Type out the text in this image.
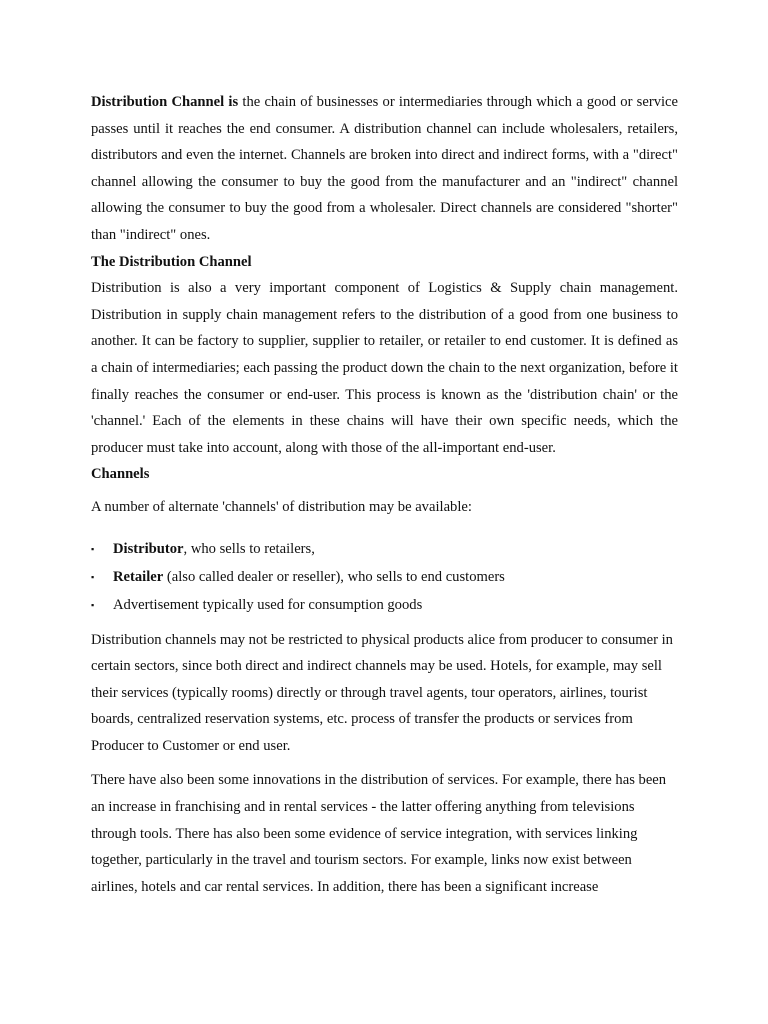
Distribution Channel is the chain of businesses or intermediaries through which a good or service passes until it reaches the end consumer. A distribution channel can include wholesalers, retailers, distributors and even the internet. Channels are broken into direct and indirect forms, with a "direct" channel allowing the consumer to buy the good from the manufacturer and an "indirect" channel allowing the consumer to buy the good from a wholesaler. Direct channels are considered "shorter" than "indirect" ones.

The Distribution Channel

Distribution is also a very important component of Logistics & Supply chain management. Distribution in supply chain management refers to the distribution of a good from one business to another. It can be factory to supplier, supplier to retailer, or retailer to end customer. It is defined as a chain of intermediaries; each passing the product down the chain to the next organization, before it finally reaches the consumer or end-user. This process is known as the 'distribution chain' or the 'channel.' Each of the elements in these chains will have their own specific needs, which the producer must take into account, along with those of the all-important end-user.

Channels

A number of alternate 'channels' of distribution may be available:

▪ Distributor, who sells to retailers,
▪ Retailer (also called dealer or reseller), who sells to end customers
▪ Advertisement typically used for consumption goods

Distribution channels may not be restricted to physical products alice from producer to consumer in certain sectors, since both direct and indirect channels may be used. Hotels, for example, may sell their services (typically rooms) directly or through travel agents, tour operators, airlines, tourist boards, centralized reservation systems, etc. process of transfer the products or services from Producer to Customer or end user.

There have also been some innovations in the distribution of services. For example, there has been an increase in franchising and in rental services - the latter offering anything from televisions through tools. There has also been some evidence of service integration, with services linking together, particularly in the travel and tourism sectors. For example, links now exist between airlines, hotels and car rental services. In addition, there has been a significant increase
